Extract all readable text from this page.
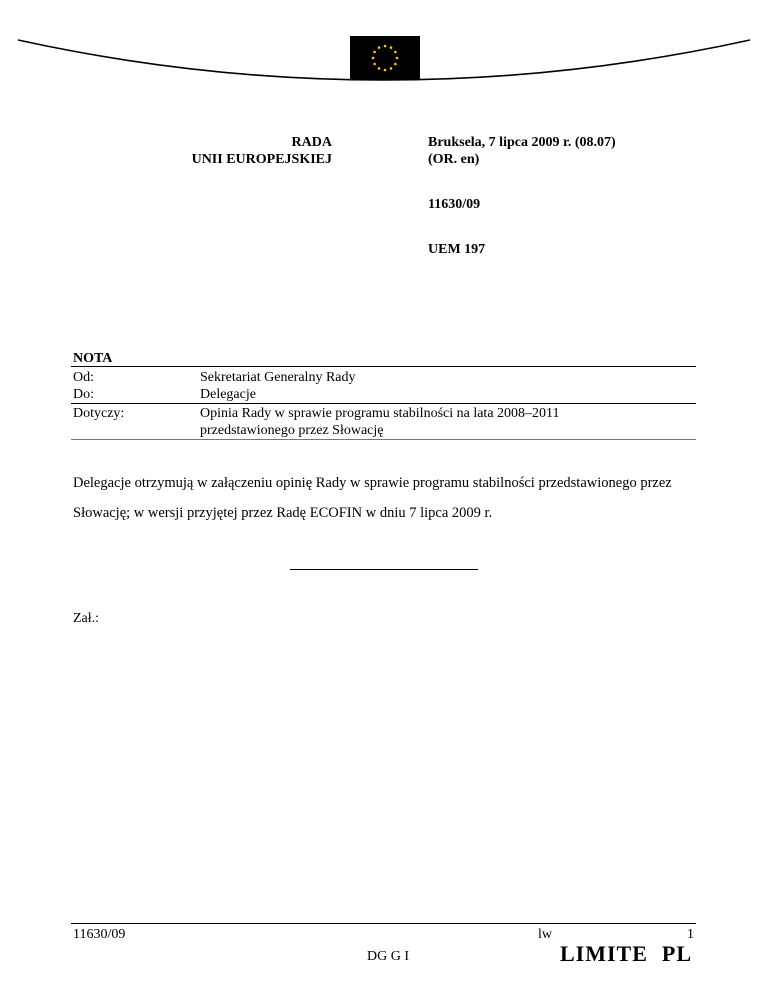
RADA
UNII EUROPEJSKIEJ
Bruksela, 7 lipca 2009 r. (08.07)
(OR. en)
11630/09
UEM 197
NOTA
Od:	Sekretariat Generalny Rady
Do:	Delegacje
Dotyczy:	Opinia Rady w sprawie programu stabilności na lata 2008–2011
przedstawionego przez Słowację
Delegacje otrzymują w załączeniu opinię Rady w sprawie programu stabilności przedstawionego przez Słowację; w wersji przyjętej przez Radę ECOFIN w dniu 7 lipca 2009 r.
Zał.:
11630/09
DG G I
lw	1
LIMITE PL
